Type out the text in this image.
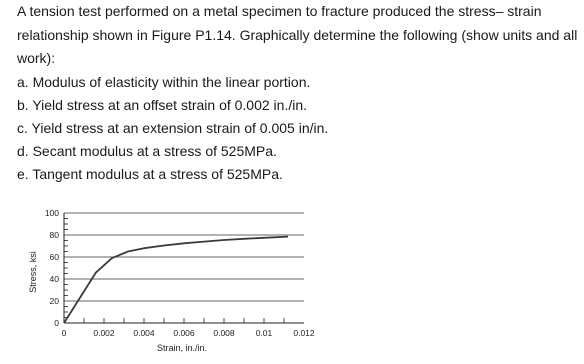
A tension test performed on a metal specimen to fracture produced the stress– strain relationship shown in Figure P1.14. Graphically determine the following (show units and all work):

a. Modulus of elasticity within the linear portion.

b. Yield stress at an offset strain of 0.002 in./in.

c. Yield stress at an extension strain of 0.005 in/in.

d. Secant modulus at a stress of 525MPa.

e. Tangent modulus at a stress of 525MPa.

0
20
40
60
80
100
0	0.002 0.004 0.006 0.008 0.01 0.012
Strain, in./in.
Stress, ksi
